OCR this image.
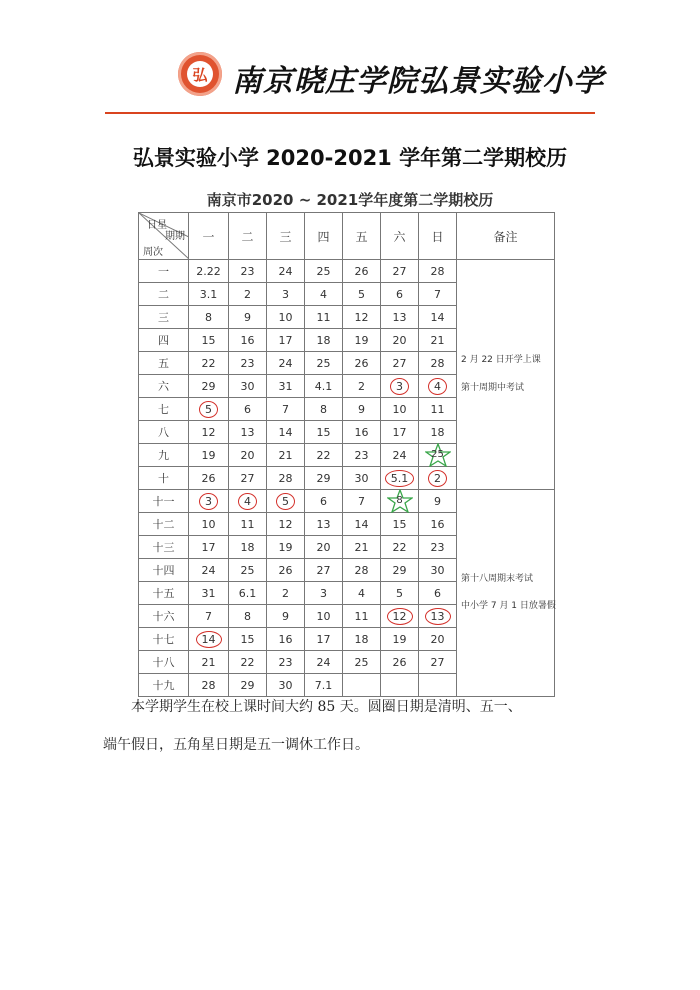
弘 南京晓庄学院弘景实验小学
弘景实验小学 2020-2021 学年第二学期校历
南京市2020 ~ 2021学年度第二学期校历
日星
期期
周次	一	二	三	四	五	六	日	备注
一	2.22	23	24	25	26	27	28	2 月 22 日开学上课
第十周期中考试

二	3.1	2	3	4	5	6	7	
三	8	9	10	11	12	13	14	
四	15	16	17	18	19	20	21	
五	22	23	24	25	26	27	28	
六	29	30	31	4.1	2	3	4	
七	5	6	7	8	9	10	11	
八	12	13	14	15	16	17	18	
九	19	20	21	22	23	24	25	
十	26	27	28	29	30	5.1	2	
十一	3	4	5	6	7	8	9	第十八周期末考试
中小学 7 月 1 日放暑假

十二	10	11	12	13	14	15	16	
十三	17	18	19	20	21	22	23	
十四	24	25	26	27	28	29	30	
十五	31	6.1	2	3	4	5	6	
十六	7	8	9	10	11	12	13	
十七	14	15	16	17	18	19	20	
十八	21	22	23	24	25	26	27	
十九	28	29	30	7.1				
本学期学生在校上课时间大约 85 天。圆圈日期是清明、五一、
端午假日，五角星日期是五一调休工作日。
